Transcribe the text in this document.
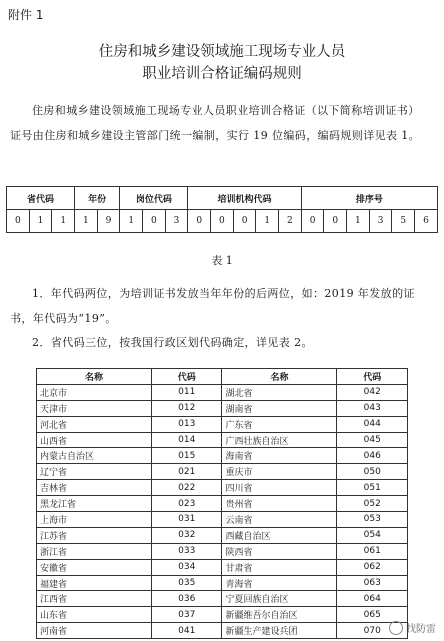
附件 1
住房和城乡建设领域施工现场专业人员
职业培训合格证编码规则
住房和城乡建设领域施工现场专业人员职业培训合格证（以下简称培训证书）证号由住房和城乡建设主管部门统一编制，实行 19 位编码，编码规则详见表 1。
省代码			年份		岗位代码			培训机构代码					排序号					
0	1	1	1	9	1	0	3	0	0	0	1	2	0	0	1	3	5	6
表 1
1．年代码两位，为培训证书发放当年年份的后两位，如：2019 年发放的证书，年代码为“19”。
2．省代码三位，按我国行政区划代码确定，详见表 2。
名称	代码	名称	代码
北京市	011	湖北省	042
天津市	012	湖南省	043
河北省	013	广东省	044
山西省	014	广西壮族自治区	045
内蒙古自治区	015	海南省	046
辽宁省	021	重庆市	050
吉林省	022	四川省	051
黑龙江省	023	贵州省	052
上海市	031	云南省	053
江苏省	032	西藏自治区	054
浙江省	033	陕西省	061
安徽省	034	甘肃省	062
福建省	035	青海省	063
江西省	036	宁夏回族自治区	064
山东省	037	新疆维吾尔自治区	065
河南省	041	新疆生产建设兵团	070	找防雷
